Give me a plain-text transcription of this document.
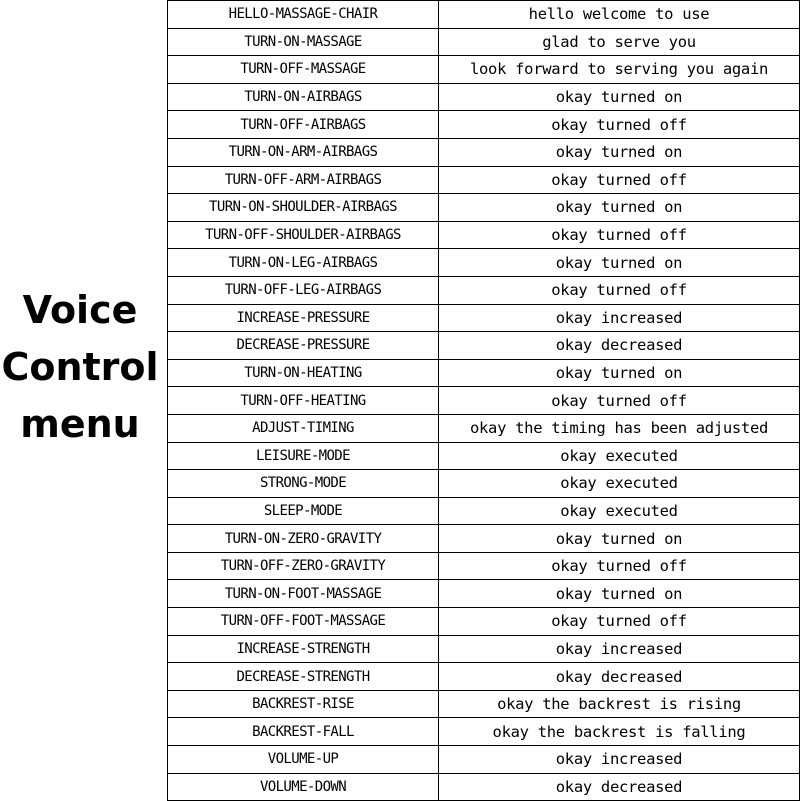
Voice
Control
menu
HELLO-MASSAGE-CHAIR	hello welcome to use
TURN-ON-MASSAGE	glad to serve you
TURN-OFF-MASSAGE	look forward to serving you again
TURN-ON-AIRBAGS	okay turned on
TURN-OFF-AIRBAGS	okay turned off
TURN-ON-ARM-AIRBAGS	okay turned on
TURN-OFF-ARM-AIRBAGS	okay turned off
TURN-ON-SHOULDER-AIRBAGS	okay turned on
TURN-OFF-SHOULDER-AIRBAGS	okay turned off
TURN-ON-LEG-AIRBAGS	okay turned on
TURN-OFF-LEG-AIRBAGS	okay turned off
INCREASE-PRESSURE	okay increased
DECREASE-PRESSURE	okay decreased
TURN-ON-HEATING	okay turned on
TURN-OFF-HEATING	okay turned off
ADJUST-TIMING	okay the timing has been adjusted
LEISURE-MODE	okay executed
STRONG-MODE	okay executed
SLEEP-MODE	okay executed
TURN-ON-ZERO-GRAVITY	okay turned on
TURN-OFF-ZERO-GRAVITY	okay turned off
TURN-ON-FOOT-MASSAGE	okay turned on
TURN-OFF-FOOT-MASSAGE	okay turned off
INCREASE-STRENGTH	okay increased
DECREASE-STRENGTH	okay decreased
BACKREST-RISE	okay the backrest is rising
BACKREST-FALL	okay the backrest is falling
VOLUME-UP	okay increased
VOLUME-DOWN	okay decreased
